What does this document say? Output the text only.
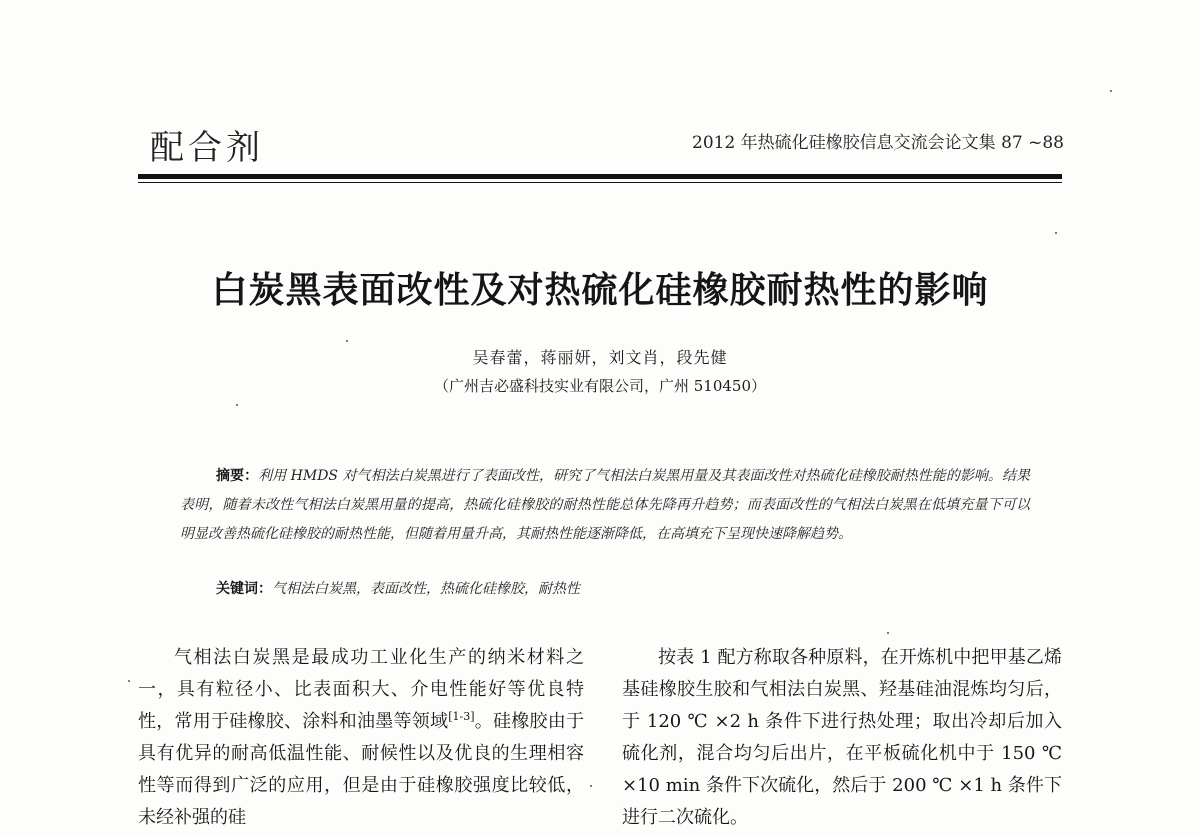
配合剂	2012 年热硫化硅橡胶信息交流会论文集 87 ~88
白炭黑表面改性及对热硫化硅橡胶耐热性的影响
吴春蕾，蒋丽妍，刘文肖，段先健
（广州吉必盛科技实业有限公司，广州 510450）
摘要：利用 HMDS 对气相法白炭黑进行了表面改性，研究了气相法白炭黑用量及其表面改性对热硫化硅橡胶耐热性能的影响。结果表明，随着未改性气相法白炭黑用量的提高，热硫化硅橡胶的耐热性能总体先降再升趋势；而表面改性的气相法白炭黑在低填充量下可以明显改善热硫化硅橡胶的耐热性能，但随着用量升高，其耐热性能逐渐降低，在高填充下呈现快速降解趋势。
关键词：气相法白炭黑，表面改性，热硫化硅橡胶，耐热性

气相法白炭黑是最成功工业化生产的纳米材料之一，具有粒径小、比表面积大、介电性能好等优良特性，常用于硅橡胶、涂料和油墨等领域[1-3]。硅橡胶由于具有优异的耐高低温性能、耐候性以及优良的生理相容性等而得到广泛的应用，但是由于硅橡胶强度比较低，未经补强的硅

按表 1 配方称取各种原料，在开炼机中把甲基乙烯基硅橡胶生胶和气相法白炭黑、羟基硅油混炼均匀后，于 120 ℃ ×2 h 条件下进行热处理；取出冷却后加入硫化剂，混合均匀后出片，在平板硫化机中于 150 ℃ ×10 min 条件下次硫化，然后于 200 ℃ ×1 h 条件下进行二次硫化。
